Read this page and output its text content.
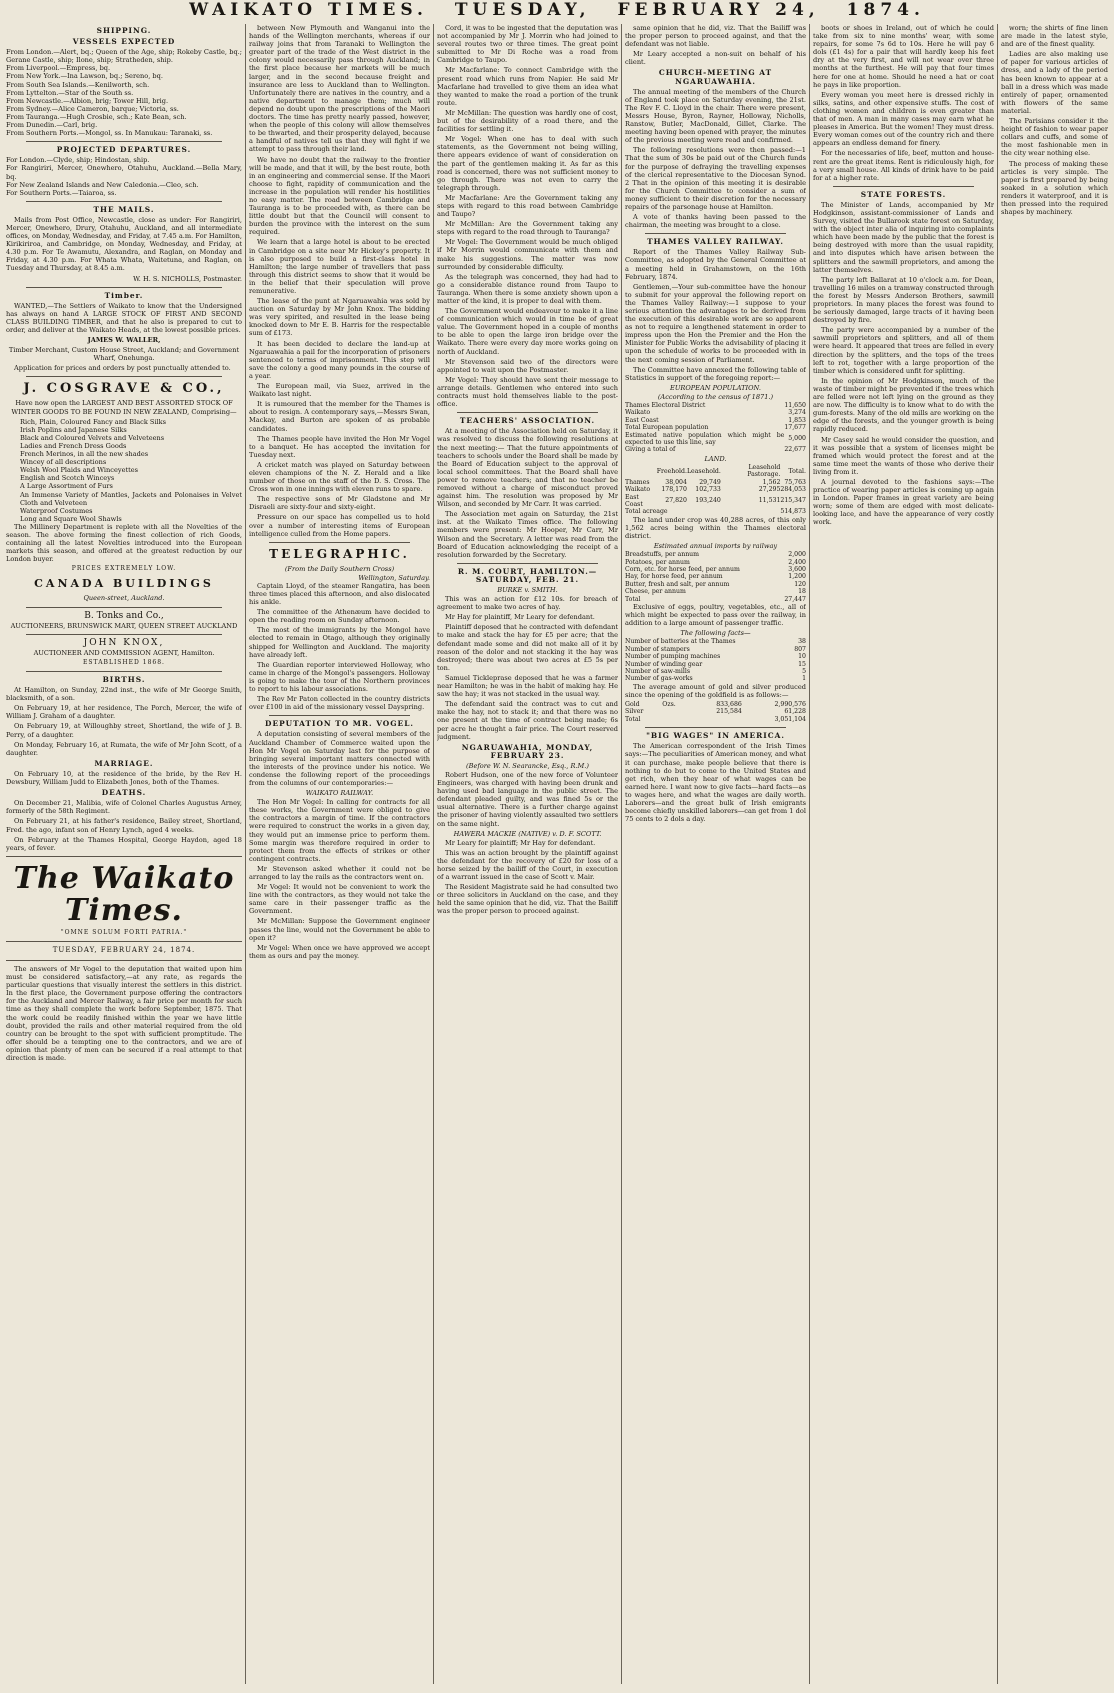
WAIKATO TIMES. TUESDAY, FEBRUARY 24, 1874.
SHIPPING.
VESSELS EXPECTED
From London.—Alert, bq.; Queen of the Age, ship; Rokeby Castle, bq.; Gerane Castle, ship; Ilone, ship; Stratheden, ship.
From Liverpool.—Empress, bq.
From New York.—Ina Lawson, bq.; Sereno, bq.
From South Sea Islands.—Kenilworth, sch.
From Lyttelton.—Star of the South ss.
From Newcastle.—Albion, brig; Tower Hill, brig.
From Sydney.—Alice Cameron, barque; Victoria, ss.
From Tauranga.—Hugh Crosbie, sch.; Kate Bean, sch.
From Dunedin.—Carl, brig.
From Southern Ports.—Mongol, ss. In Manukau: Taranaki, ss.
PROJECTED DEPARTURES.
For London.—Clyde, ship; Hindostan, ship.
For Rangiriri, Mercer, Onewhero, Otahuhu, Auckland.—Bella Mary, bq.
For New Zealand Islands and New Caledonia.—Cleo, sch.
For Southern Ports.—Taiaroa, ss.
THE MAILS.

Mails from Post Office, Newcastle, close as under: For Rangiriri, Mercer, Onewhero, Drury, Otahuhu, Auckland, and all intermediate offices, on Monday, Wednesday, and Friday, at 7.45 a.m. For Hamilton, Kirikiriroa, and Cambridge, on Monday, Wednesday, and Friday, at 4.30 p.m. For Te Awamutu, Alexandra, and Raglan, on Monday and Friday, at 4.30 p.m. For Whata Whata, Waitetuna, and Raglan, on Tuesday and Thursday, at 8.45 a.m.

W. H. S. NICHOLLS, Postmaster.
Timber.

WANTED,—The Settlers of Waikato to know that the Undersigned has always on hand A LARGE STOCK OF FIRST AND SECOND CLASS BUILDING TIMBER, and that he also is prepared to cut to order, and deliver at the Waikato Heads, at the lowest possible prices.

JAMES W. WALLER,
Timber Merchant, Custom House Street, Auckland; and Government Wharf, Onehunga.

Application for prices and orders by post punctually attended to.

J. COSGRAVE & CO.,
Have now open the LARGEST AND BEST ASSORTED STOCK OF WINTER GOODS TO BE FOUND IN NEW ZEALAND, Comprising—
Rich, Plain, Coloured Fancy and Black Silks
Irish Poplins and Japanese Silks
Black and Coloured Velvets and Velveteens
Ladies and French Dress Goods
French Merinos, in all the new shades
Wincey of all descriptions
Welsh Wool Plaids and Winceyettes
English and Scotch Winceys
A Large Assortment of Furs
An Immense Variety of Mantles, Jackets and Polonaises in Velvet Cloth and Velveteen
Waterproof Costumes
Long and Square Wool Shawls

The Millinery Department is replete with all the Novelties of the season. The above forming the finest collection of rich Goods, containing all the latest Novelties introduced into the European markets this season, and offered at the greatest reduction by our London buyer.

PRICES EXTREMELY LOW.
CANADA BUILDINGS
Queen-street, Auckland.
B. Tonks and Co.,
AUCTIONEERS, BRUNSWICK MART, QUEEN STREET AUCKLAND
JOHN KNOX,
AUCTIONEER AND COMMISSION AGENT, Hamilton.
ESTABLISHED 1868.
BIRTHS.

At Hamilton, on Sunday, 22nd inst., the wife of Mr George Smith, blacksmith, of a son.

On February 19, at her residence, The Porch, Mercer, the wife of William J. Graham of a daughter.

On February 19, at Willoughby street, Shortland, the wife of J. B. Perry, of a daughter.

On Monday, February 16, at Rumata, the wife of Mr John Scott, of a daughter.

MARRIAGE.

On February 10, at the residence of the bride, by the Rev H. Dewsbury, William Judd to Elizabeth Jones, both of the Thames.

DEATHS.

On December 21, Malibia, wife of Colonel Charles Augustus Arney, formerly of the 58th Regiment.

On February 21, at his father's residence, Bailey street, Shortland, Fred. the ago, infant son of Henry Lynch, aged 4 weeks.

On February at the Thames Hospital, George Haydon, aged 18 years, of fever.

The Waikato Times.
"OMNE SOLUM FORTI PATRIA."
TUESDAY, FEBRUARY 24, 1874.

The answers of Mr Vogel to the deputation that waited upon him must be considered satisfactory,—at any rate, as regards the particular questions that visually interest the settlers in this district. In the first place, the Government purpose offering the contractors for the Auckland and Mercer Railway, a fair price per month for such time as they shall complete the work before September, 1875. That the work could be readily finished within the year we have little doubt, provided the rails and other material required from the old country can be brought to the spot with sufficient promptitude. The offer should be a tempting one to the contractors, and we are of opinion that plenty of men can be secured if a real attempt to that direction is made.

between New Plymouth and Wanganui into the hands of the Wellington merchants, whereas if our railway joins that from Taranaki to Wellington the greater part of the trade of the West district in the colony would necessarily pass through Auckland; in the first place because her markets will be much larger, and in the second because freight and insurance are less to Auckland than to Wellington. Unfortunately there are natives in the country, and a native department to manage them; much will depend no doubt upon the prescriptions of the Maori doctors. The time has pretty nearly passed, however, when the people of this colony will allow themselves to be thwarted, and their prosperity delayed, because a handful of natives tell us that they will fight if we attempt to pass through their land.

We have no doubt that the railway to the frontier will be made, and that it will, by the best route, both in an engineering and commercial sense. If the Maori choose to fight, rapidity of communication and the increase in the population will render his hostilities no easy matter. The road between Cambridge and Tauranga is to be proceeded with, as there can be little doubt but that the Council will consent to burden the province with the interest on the sum required.

We learn that a large hotel is about to be erected in Cambridge on a site near Mr Hickey's property. It is also purposed to build a first-class hotel in Hamilton; the large number of travellers that pass through this district seems to show that it would be in the belief that their speculation will prove remunerative.

The lease of the punt at Ngaruawahia was sold by auction on Saturday by Mr John Knox. The bidding was very spirited, and resulted in the lease being knocked down to Mr E. B. Harris for the respectable sum of £173.

It has been decided to declare the land-up at Ngaruawahia a pail for the incorporation of prisoners sentenced to terms of imprisonment. This step will save the colony a good many pounds in the course of a year.

The European mail, via Suez, arrived in the Waikato last night.

It is rumoured that the member for the Thames is about to resign. A contemporary says,—Messrs Swan, Mackay, and Burton are spoken of as probable candidates.

The Thames people have invited the Hon Mr Vogel to a banquet. He has accepted the invitation for Tuesday next.

A cricket match was played on Saturday between eleven champions of the N. Z. Herald and a like number of those on the staff of the D. S. Cross. The Cross won in one innings with eleven runs to spare.

The respective sons of Mr Gladstone and Mr Disraeli are sixty-four and sixty-eight.

Pressure on our space has compelled us to hold over a number of interesting items of European intelligence culled from the Home papers.

TELEGRAPHIC.
(From the Daily Southern Cross)
Wellington, Saturday.

Captain Lloyd, of the steamer Rangatira, has been three times placed this afternoon, and also dislocated his ankle.

The committee of the Athenæum have decided to open the reading room on Sunday afternoon.

The most of the immigrants by the Mongol have elected to remain in Otago, although they originally shipped for Wellington and Auckland. The majority have already left.

The Guardian reporter interviewed Holloway, who came in charge of the Mongol's passengers. Holloway is going to make the tour of the Northern provinces to report to his labour associations.

The Rev Mr Paton collected in the country districts over £100 in aid of the missionary vessel Dayspring.

DEPUTATION TO MR. VOGEL.

A deputation consisting of several members of the Auckland Chamber of Commerce waited upon the Hon Mr Vogel on Saturday last for the purpose of bringing several important matters connected with the interests of the province under his notice. We condense the following report of the proceedings from the columns of our contemporaries:—

WAIKATO RAILWAY.

The Hon Mr Vogel: In calling for contracts for all these works, the Government were obliged to give the contractors a margin of time. If the contractors were required to construct the works in a given day, they would put an immense price to perform them. Some margin was therefore required in order to protect them from the effects of strikes or other contingent contracts.

Mr Stevenson asked whether it could not be arranged to lay the rails as the contractors went on.

Mr Vogel: It would not be convenient to work the line with the contractors, as they would not take the same care in their passenger traffic as the Government.

Mr McMillan: Suppose the Government engineer passes the line, would not the Government be able to open it?

Mr Vogel: When once we have approved we accept them as ours and pay the money.

Cord, it was to be ingested that the deputation was not accompanied by Mr J. Morrin who had joined to several routes two or three times. The great point submitted to Mr Di Roche was a road from Cambridge to Taupo.

Mr Macfarlane: To connect Cambridge with the present road which runs from Napier. He said Mr Macfarlane had travelled to give them an idea what they wanted to make the road a portion of the trunk route.

Mr McMillan: The question was hardly one of cost, but of the desirability of a road there, and the facilities for settling it.

Mr Vogel: When one has to deal with such statements, as the Government not being willing, there appears evidence of want of consideration on the part of the gentlemen making it. As far as this road is concerned, there was not sufficient money to go through. There was not even to carry the telegraph through.

Mr Macfarlane: Are the Government taking any steps with regard to this road between Cambridge and Taupo?

Mr McMillan: Are the Government taking any steps with regard to the road through to Tauranga?

Mr Vogel: The Government would be much obliged if Mr Morrin would communicate with them and make his suggestions. The matter was now surrounded by considerable difficulty.

As the telegraph was concerned, they had had to go a considerable distance round from Taupo to Tauranga. When there is some anxiety shown upon a matter of the kind, it is proper to deal with them.

The Government would endeavour to make it a line of communication which would in time be of great value. The Government hoped in a couple of months to be able to open the large iron bridge over the Waikato. There were every day more works going on north of Auckland.

Mr Stevenson said two of the directors were appointed to wait upon the Postmaster.

Mr Vogel: They should have sent their message to arrange details. Gentlemen who entered into such contracts must hold themselves liable to the post-office.

TEACHERS' ASSOCIATION.

At a meeting of the Association held on Saturday, it was resolved to discuss the following resolutions at the next meeting:— That the future appointments of teachers to schools under the Board shall be made by the Board of Education subject to the approval of local school committees. That the Board shall have power to remove teachers; and that no teacher be removed without a charge of misconduct proved against him. The resolution was proposed by Mr Wilson, and seconded by Mr Carr. It was carried.

The Association met again on Saturday, the 21st inst. at the Waikato Times office. The following members were present: Mr Hooper, Mr Carr, Mr Wilson and the Secretary. A letter was read from the Board of Education acknowledging the receipt of a resolution forwarded by the Secretary.

R. M. COURT, HAMILTON.—SATURDAY, FEB. 21.
BURKE v. SMITH.

This was an action for £12 10s. for breach of agreement to make two acres of hay.

Mr Hay for plaintiff, Mr Leary for defendant.

Plaintiff deposed that he contracted with defendant to make and stack the hay for £5 per acre; that the defendant made some and did not make all of it by reason of the dolor and not stacking it the hay was destroyed; there was about two acres at £5 5s per ton.

Samuel Tickleprase deposed that he was a farmer near Hamilton; he was in the habit of making hay. He saw the hay; it was not stacked in the usual way.

The defendant said the contract was to cut and make the hay, not to stack it; and that there was no one present at the time of contract being made; 6s per acre he thought a fair price. The Court reserved judgment.

NGARUAWAHIA, MONDAY, FEBRUARY 23.
(Before W. N. Searancke, Esq., R.M.)

Robert Hudson, one of the new force of Volunteer Engineers, was charged with having been drunk and having used bad language in the public street. The defendant pleaded guilty, and was fined 5s or the usual alternative. There is a further charge against the prisoner of having violently assaulted two settlers on the same night.

HAWERA MACKIE (NATIVE) v. D. F. SCOTT.

Mr Leary for plaintiff; Mr Hay for defendant.

This was an action brought by the plaintiff against the defendant for the recovery of £20 for loss of a horse seized by the bailiff of the Court, in execution of a warrant issued in the case of Scott v. Mair.

The Resident Magistrate said he had consulted two or three solicitors in Auckland on the case, and they held the same opinion that he did, viz. That the Bailiff was the proper person to proceed against.

same opinion that he did, viz. That the Bailiff was the proper person to proceed against, and that the defendant was not liable.

Mr Leary accepted a non-suit on behalf of his client.

CHURCH-MEETING AT NGARUAWAHIA.

The annual meeting of the members of the Church of England took place on Saturday evening, the 21st. The Rev F. C. Lloyd in the chair. There were present, Messrs House, Byron, Rayner, Holloway, Nicholls, Ranstow, Butler, MacDonald, Gillet, Clarke. The meeting having been opened with prayer, the minutes of the previous meeting were read and confirmed.

The following resolutions were then passed:—1 That the sum of 30s be paid out of the Church funds for the purpose of defraying the travelling expenses of the clerical representative to the Diocesan Synod. 2 That in the opinion of this meeting it is desirable for the Church Committee to consider a sum of money sufficient to their discretion for the necessary repairs of the parsonage house at Hamilton.

A vote of thanks having been passed to the chairman, the meeting was brought to a close.

THAMES VALLEY RAILWAY.

Report of the Thames Valley Railway Sub-Committee, as adopted by the General Committee at a meeting held in Grahamstown, on the 16th February, 1874.

Gentlemen,—Your sub-committee have the honour to submit for your approval the following report on the Thames Valley Railway:—1 suppose to your serious attention the advantages to be derived from the execution of this desirable work are so apparent as not to require a lengthened statement in order to impress upon the Hon the Premier and the Hon the Minister for Public Works the advisability of placing it upon the schedule of works to be proceeded with in the next coming session of Parliament.

The Committee have annexed the following table of Statistics in support of the foregoing report:—

EUROPEAN POPULATION.
(According to the census of 1871.)
Thames Electoral District	11,650
Waikato	3,274
East Coast	1,853
Total European population	17,677
Estimated native population which might be expected to use this line, say	5,000
Giving a total of	22,677
LAND.
	Freehold.	Leasehold.	Leasehold Pastorage.	Total.
Thames	38,004	29,749	1,562	75,763
Waikato	178,170	102,733	27,295	284,053
East Coast	27,820	193,240	11,531	215,347
Total acreage				514,873

The land under crop was 40,288 acres, of this only 1,562 acres being within the Thames electoral district.

Estimated annual imports by railway
Breadstuffs, per annum	2,000
Potatoes, per annum	2,400
Corn, etc. for horse feed, per annum	3,600
Hay, for horse feed, per annum	1,200
Butter, fresh and salt, per annum	120
Cheese, per annum	18
Total	27,447

Exclusive of eggs, poultry, vegetables, etc., all of which might be expected to pass over the railway, in addition to a large amount of passenger traffic.

The following facts—
Number of batteries at the Thames	38
Number of stampers	807
Number of pumping machines	10
Number of winding gear	15
Number of saw-mills	5
Number of gas-works	1

The average amount of gold and silver produced since the opening of the goldfield is as follows:—

Gold	Ozs.	833,686	2,990,576
Silver		215,584	61,228
Total			3,051,104
"BIG WAGES" IN AMERICA.

The American correspondent of the Irish Times says:—The peculiarities of American money, and what it can purchase, make people believe that there is nothing to do but to come to the United States and get rich, when they hear of what wages can be earned here. I want now to give facts—hard facts—as to wages here, and what the wages are daily worth. Laborers—and the great bulk of Irish emigrants become chiefly unskilled laborers—can get from 1 dol 75 cents to 2 dols a day.

boots or shoes in Ireland, out of which he could take from six to nine months' wear, with some repairs, for some 7s 6d to 10s. Here he will pay 6 dols (£1 4s) for a pair that will hardly keep his feet dry at the very first, and will not wear over three months at the furthest. He will pay that four times here for one at home. Should he need a hat or coat he pays in like proportion.

Every woman you meet here is dressed richly in silks, satins, and other expensive stuffs. The cost of clothing women and children is even greater than that of men. A man in many cases may earn what he pleases in America. But the women! They must dress. Every woman comes out of the country rich and there appears an endless demand for finery.

For the necessaries of life, beef, mutton and house-rent are the great items. Rent is ridiculously high, for a very small house. All kinds of drink have to be paid for at a higher rate.

STATE FORESTS.

The Minister of Lands, accompanied by Mr Hodgkinson, assistant-commissioner of Lands and Survey, visited the Bullarook state forest on Saturday, with the object inter alia of inquiring into complaints which have been made by the public that the forest is being destroyed with more than the usual rapidity, and into disputes which have arisen between the splitters and the sawmill proprietors, and among the latter themselves.

The party left Ballarat at 10 o'clock a.m. for Dean, travelling 16 miles on a tramway constructed through the forest by Messrs Anderson Brothers, sawmill proprietors. In many places the forest was found to be seriously damaged, large tracts of it having been destroyed by fire.

The party were accompanied by a number of the sawmill proprietors and splitters, and all of them were heard. It appeared that trees are felled in every direction by the splitters, and the tops of the trees left to rot, together with a large proportion of the timber which is considered unfit for splitting.

In the opinion of Mr Hodgkinson, much of the waste of timber might be prevented if the trees which are felled were not left lying on the ground as they are now. The difficulty is to know what to do with the gum-forests. Many of the old mills are working on the edge of the forests, and the younger growth is being rapidly reduced.

Mr Casey said he would consider the question, and it was possible that a system of licenses might be framed which would protect the forest and at the same time meet the wants of those who derive their living from it.

A journal devoted to the fashions says:—The practice of wearing paper articles is coming up again in London. Paper frames in great variety are being worn; some of them are edged with most delicate-looking lace, and have the appearance of very costly work.

worn; the shirts of fine linen are made in the latest style, and are of the finest quality.

Ladies are also making use of paper for various articles of dress, and a lady of the period has been known to appear at a ball in a dress which was made entirely of paper, ornamented with flowers of the same material.

The Parisians consider it the height of fashion to wear paper collars and cuffs, and some of the most fashionable men in the city wear nothing else.

The process of making these articles is very simple. The paper is first prepared by being soaked in a solution which renders it waterproof, and it is then pressed into the required shapes by machinery.
